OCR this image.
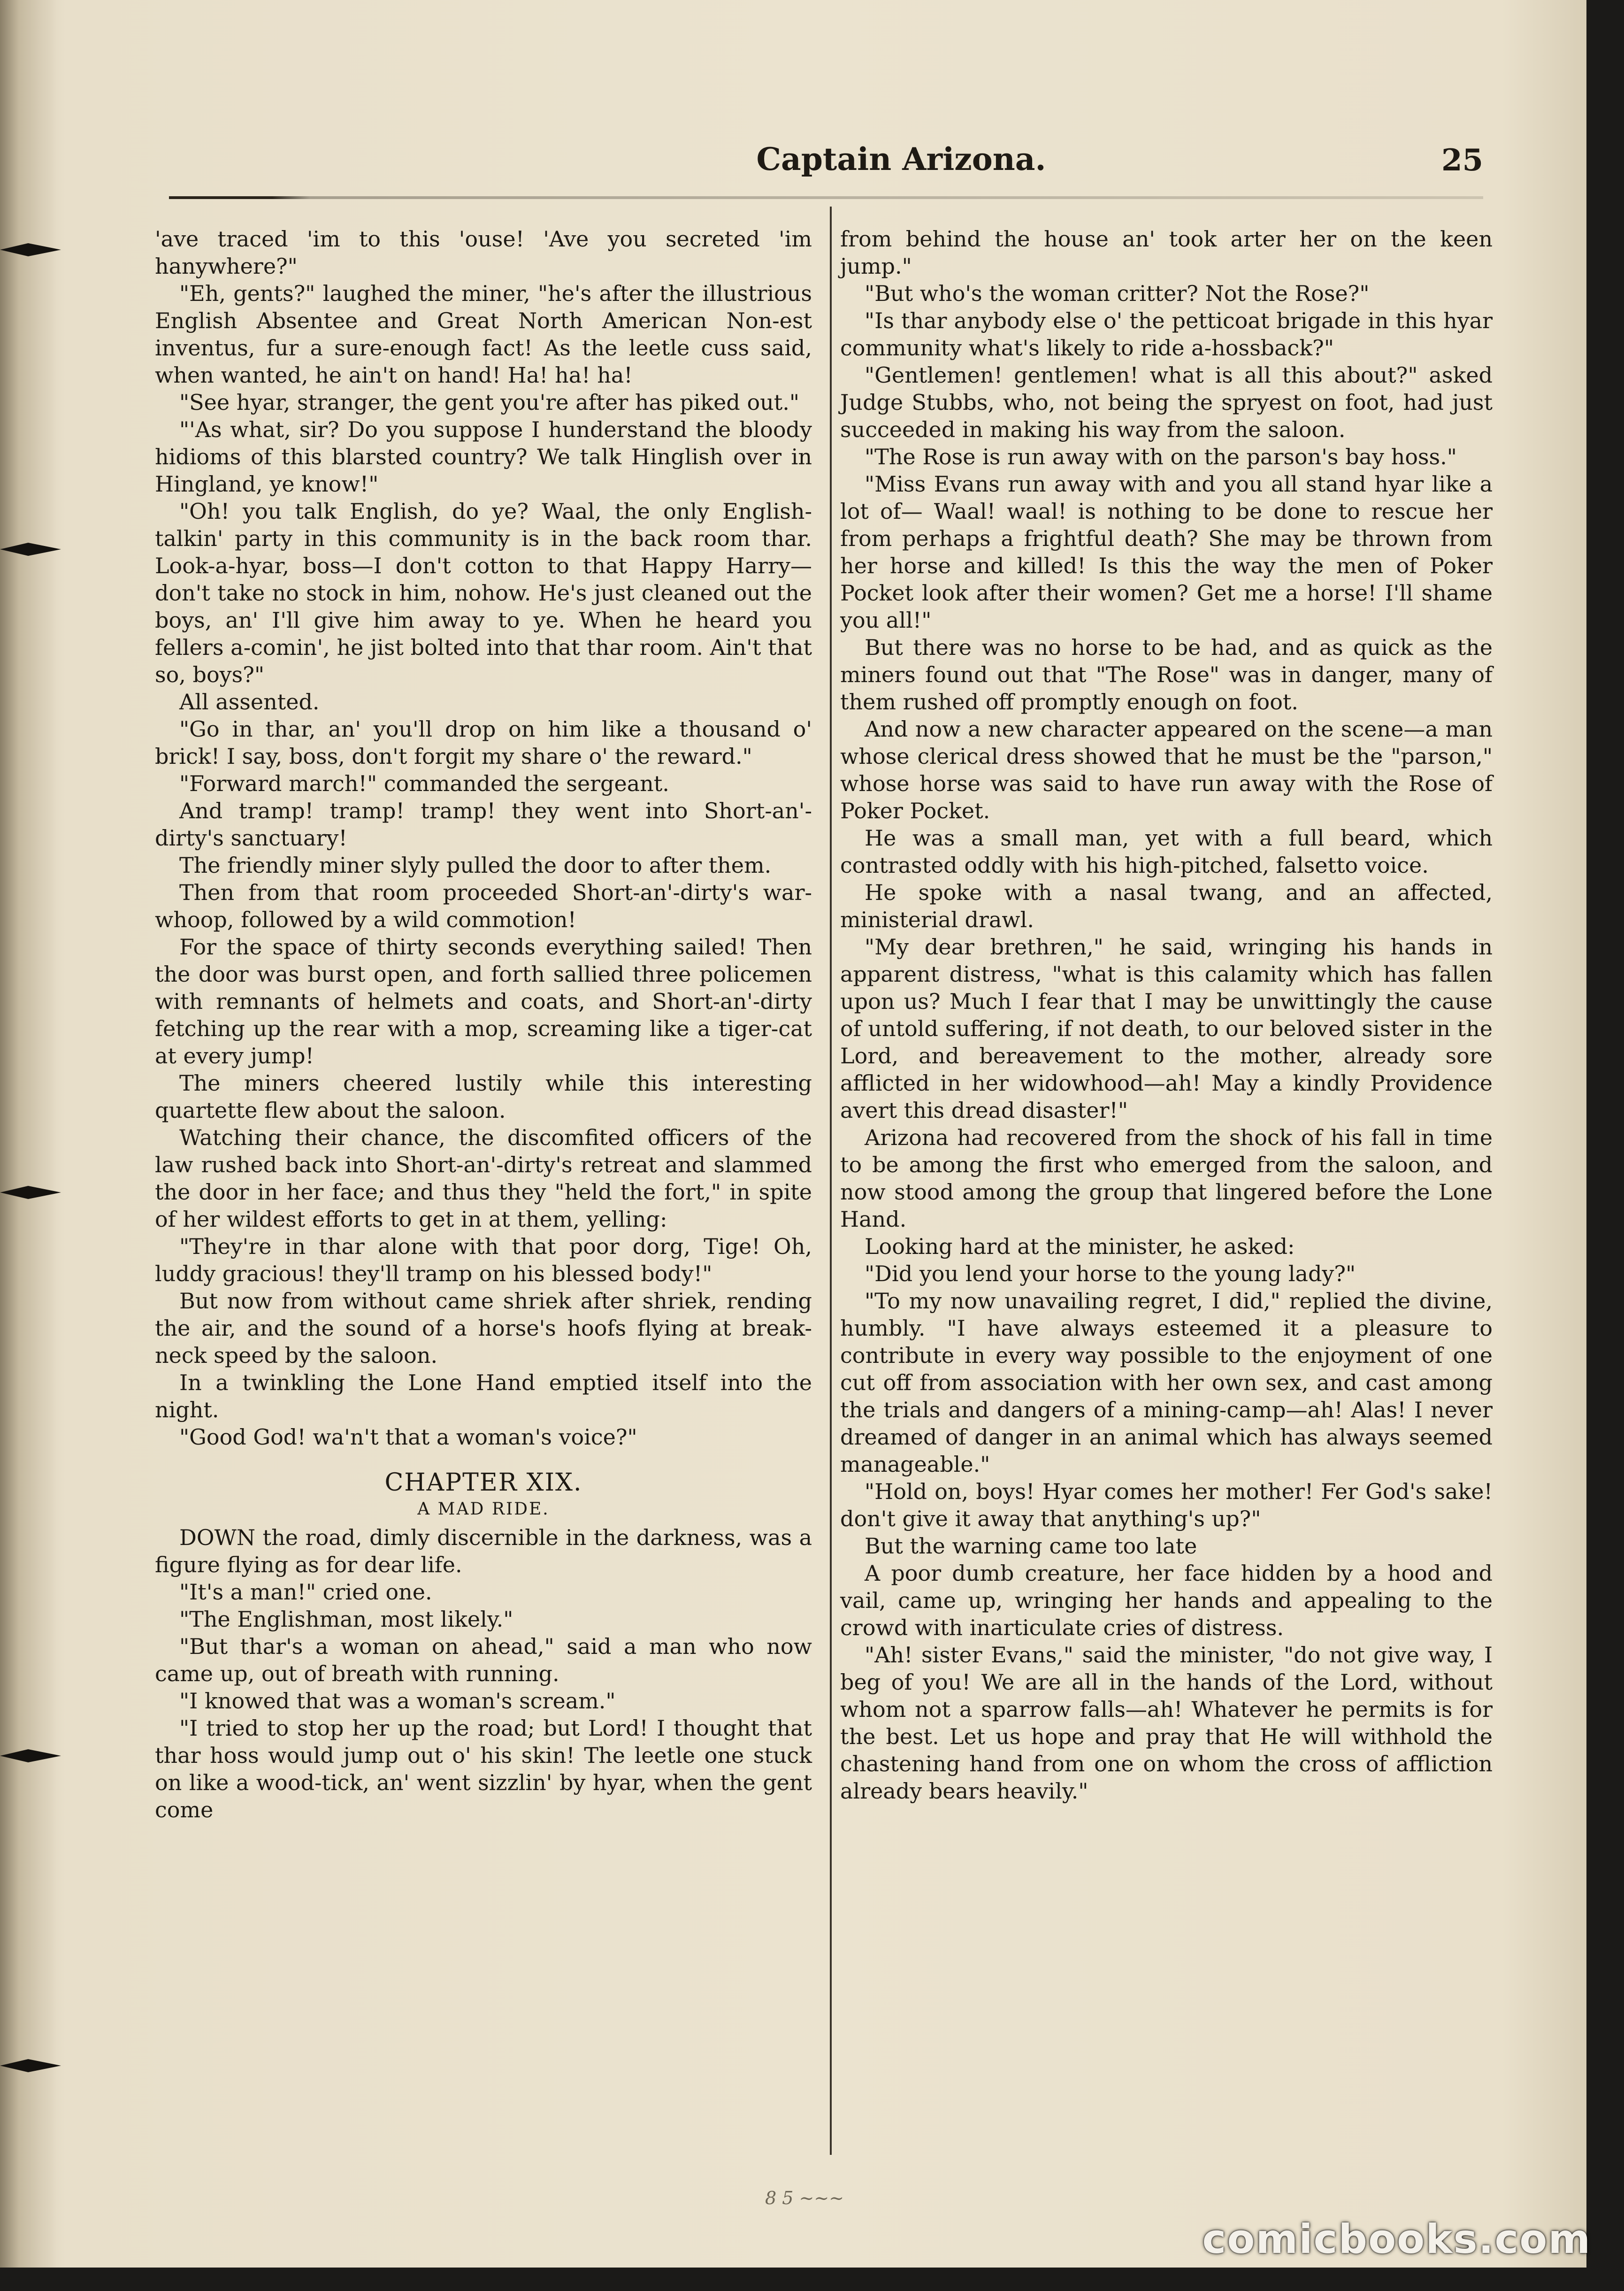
Captain Arizona.	25

'ave traced 'im to this 'ouse! 'Ave you secreted 'im hanywhere?"

"Eh, gents?" laughed the miner, "he's after the illustrious English Absentee and Great North American Non-est inventus, fur a sure-enough fact! As the leetle cuss said, when wanted, he ain't on hand! Ha! ha! ha!

"See hyar, stranger, the gent you're after has piked out."

"'As what, sir? Do you suppose I hunderstand the bloody hidioms of this blarsted country? We talk Hinglish over in Hingland, ye know!"

"Oh! you talk English, do ye? Waal, the only English-talkin' party in this community is in the back room thar. Look-a-hyar, boss—I don't cotton to that Happy Harry—don't take no stock in him, nohow. He's just cleaned out the boys, an' I'll give him away to ye. When he heard you fellers a-comin', he jist bolted into that thar room. Ain't that so, boys?"

All assented.

"Go in thar, an' you'll drop on him like a thousand o' brick! I say, boss, don't forgit my share o' the reward."

"Forward march!" commanded the sergeant.

And tramp! tramp! tramp! they went into Short-an'-dirty's sanctuary!

The friendly miner slyly pulled the door to after them.

Then from that room proceeded Short-an'-dirty's war-whoop, followed by a wild commotion!

For the space of thirty seconds everything sailed! Then the door was burst open, and forth sallied three policemen with remnants of helmets and coats, and Short-an'-dirty fetching up the rear with a mop, screaming like a tiger-cat at every jump!

The miners cheered lustily while this interesting quartette flew about the saloon.

Watching their chance, the discomfited officers of the law rushed back into Short-an'-dirty's retreat and slammed the door in her face; and thus they "held the fort," in spite of her wildest efforts to get in at them, yelling:

"They're in thar alone with that poor dorg, Tige! Oh, luddy gracious! they'll tramp on his blessed body!"

But now from without came shriek after shriek, rending the air, and the sound of a horse's hoofs flying at break-neck speed by the saloon.

In a twinkling the Lone Hand emptied itself into the night.

"Good God! wa'n't that a woman's voice?"

CHAPTER XIX.
A MAD RIDE.

DOWN the road, dimly discernible in the darkness, was a figure flying as for dear life.

"It's a man!" cried one.

"The Englishman, most likely."

"But thar's a woman on ahead," said a man who now came up, out of breath with running.

"I knowed that was a woman's scream."

"I tried to stop her up the road; but Lord! I thought that thar hoss would jump out o' his skin! The leetle one stuck on like a wood-tick, an' went sizzlin' by hyar, when the gent come

from behind the house an' took arter her on the keen jump."

"But who's the woman critter? Not the Rose?"

"Is thar anybody else o' the petticoat brigade in this hyar community what's likely to ride a-hossback?"

"Gentlemen! gentlemen! what is all this about?" asked Judge Stubbs, who, not being the spryest on foot, had just succeeded in making his way from the saloon.

"The Rose is run away with on the parson's bay hoss."

"Miss Evans run away with and you all stand hyar like a lot of— Waal! waal! is nothing to be done to rescue her from perhaps a frightful death? She may be thrown from her horse and killed! Is this the way the men of Poker Pocket look after their women? Get me a horse! I'll shame you all!"

But there was no horse to be had, and as quick as the miners found out that "The Rose" was in danger, many of them rushed off promptly enough on foot.

And now a new character appeared on the scene—a man whose clerical dress showed that he must be the "parson," whose horse was said to have run away with the Rose of Poker Pocket.

He was a small man, yet with a full beard, which contrasted oddly with his high-pitched, falsetto voice.

He spoke with a nasal twang, and an affected, ministerial drawl.

"My dear brethren," he said, wringing his hands in apparent distress, "what is this calamity which has fallen upon us? Much I fear that I may be unwittingly the cause of untold suffering, if not death, to our beloved sister in the Lord, and bereavement to the mother, already sore afflicted in her widowhood—ah! May a kindly Providence avert this dread disaster!"

Arizona had recovered from the shock of his fall in time to be among the first who emerged from the saloon, and now stood among the group that lingered before the Lone Hand.

Looking hard at the minister, he asked:

"Did you lend your horse to the young lady?"

"To my now unavailing regret, I did," replied the divine, humbly. "I have always esteemed it a pleasure to contribute in every way possible to the enjoyment of one cut off from association with her own sex, and cast among the trials and dangers of a mining-camp—ah! Alas! I never dreamed of danger in an animal which has always seemed manageable."

"Hold on, boys! Hyar comes her mother! Fer God's sake! don't give it away that anything's up?"

But the warning came too late

A poor dumb creature, her face hidden by a hood and vail, came up, wringing her hands and appealing to the crowd with inarticulate cries of distress.

"Ah! sister Evans," said the minister, "do not give way, I beg of you! We are all in the hands of the Lord, without whom not a sparrow falls—ah! Whatever he permits is for the best. Let us hope and pray that He will withhold the chastening hand from one on whom the cross of affliction already bears heavily."

8 5 ~~~
comicbooks.com
